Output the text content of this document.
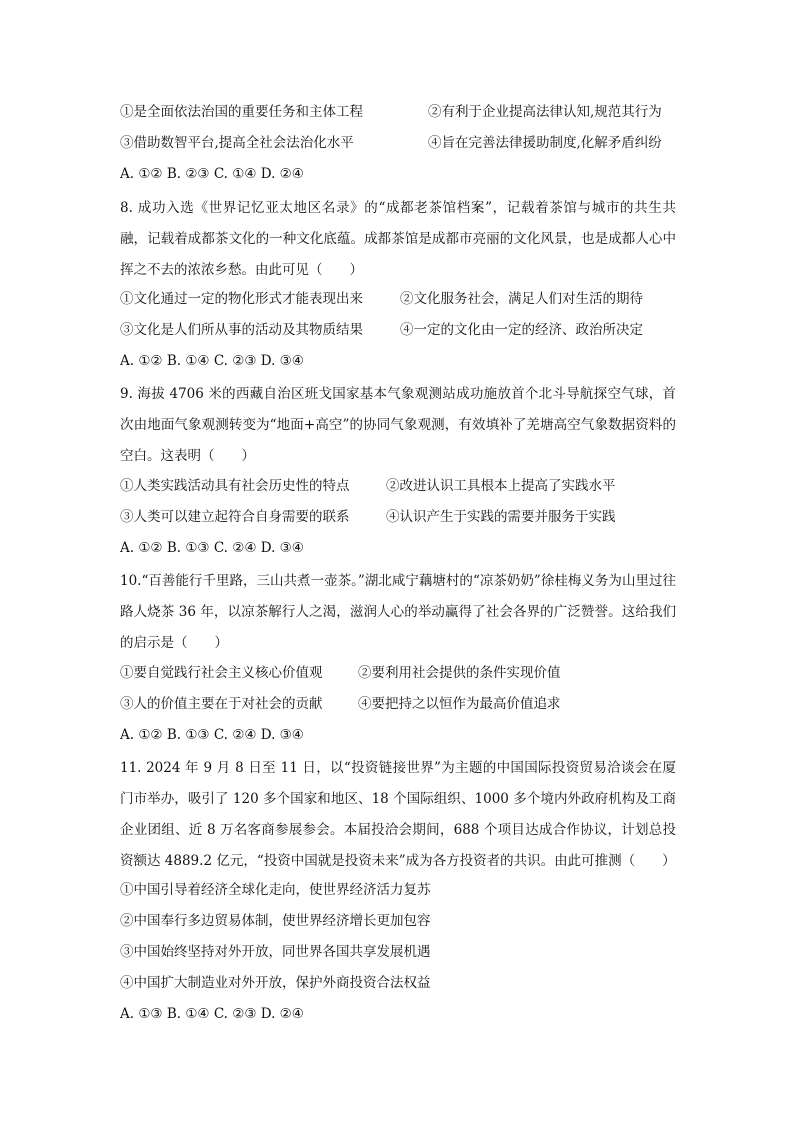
①是全面依法治国的重要任务和主体工程	②有利于企业提高法律认知,规范其行为
③借助数智平台,提高全社会法治化水平	④旨在完善法律援助制度,化解矛盾纠纷
A. ①② B. ②③ C. ①④ D. ②④
8. 成功入选《世界记忆亚太地区名录》的“成都老茶馆档案”，记载着茶馆与城市的共生共融，记载着成都茶文化的一种文化底蕴。成都茶馆是成都市亮丽的文化风景，也是成都人心中挥之不去的浓浓乡愁。由此可见（　　）
①文化通过一定的物化形式才能表现出来	②文化服务社会，满足人们对生活的期待
③文化是人们所从事的活动及其物质结果	④一定的文化由一定的经济、政治所决定
A. ①② B. ①④ C. ②③ D. ③④
9. 海拔 4706 米的西藏自治区班戈国家基本气象观测站成功施放首个北斗导航探空气球，首次由地面气象观测转变为“地面+高空”的协同气象观测，有效填补了羌塘高空气象数据资料的空白。这表明（　　）
①人类实践活动具有社会历史性的特点	②改进认识工具根本上提高了实践水平
③人类可以建立起符合自身需要的联系	④认识产生于实践的需要并服务于实践
A. ①② B. ①③ C. ②④ D. ③④
10.“百善能行千里路，三山共煮一壶茶。”湖北咸宁藕塘村的“凉茶奶奶”徐桂梅义务为山里过往路人烧茶 36 年，以凉茶解行人之渴，滋润人心的举动赢得了社会各界的广泛赞誉。这给我们的启示是（　　）
①要自觉践行社会主义核心价值观	②要利用社会提供的条件实现价值
③人的价值主要在于对社会的贡献	④要把持之以恒作为最高价值追求
A. ①② B. ①③ C. ②④ D. ③④
11. 2024 年 9 月 8 日至 11 日，以“投资链接世界”为主题的中国国际投资贸易洽谈会在厦门市举办，吸引了 120 多个国家和地区、18 个国际组织、1000 多个境内外政府机构及工商企业团组、近 8 万名客商参展参会。本届投洽会期间，688 个项目达成合作协议，计划总投资额达 4889.2 亿元，“投资中国就是投资未来”成为各方投资者的共识。由此可推测（　　）
①中国引导着经济全球化走向，使世界经济活力复苏
②中国奉行多边贸易体制，使世界经济增长更加包容
③中国始终坚持对外开放，同世界各国共享发展机遇
④中国扩大制造业对外开放，保护外商投资合法权益
A. ①③ B. ①④ C. ②③ D. ②④
